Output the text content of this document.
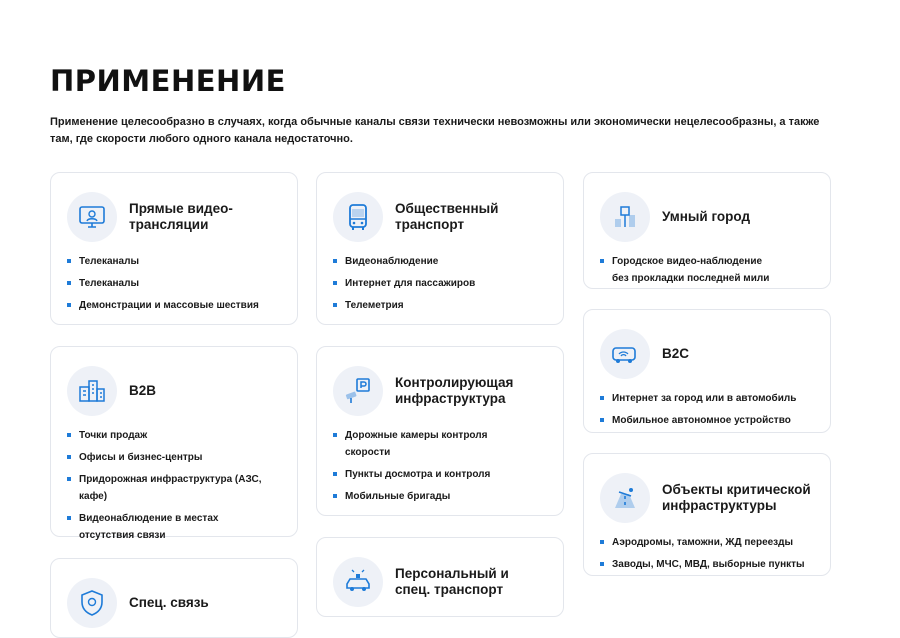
ПРИМЕНЕНИЕ

Применение целесообразно в случаях, когда обычные каналы связи технически невозможны или экономически нецелесообразны, а также там, где скорости любого одного канала недостаточно.

Прямые видео-трансляции
Телеканалы
Телеканалы
Демонстрации и массовые шествия
B2B
Точки продаж
Офисы и бизнес-центры
Придорожная инфраструктура (АЗС, кафе)
Видеонаблюдение в местах отсутствия связи
Спец. связь
Общественный транспорт
Видеонаблюдение
Интернет для пассажиров
Телеметрия
Контролирующая инфраструктура
Дорожные камеры контроля скорости
Пункты досмотра и контроля
Мобильные бригады
Персональный и спец. транспорт
Умный город
Городское видео-наблюдение без прокладки последней мили
B2C
Интернет за город или в автомобиль
Мобильное автономное устройство
Объекты критической инфраструктуры
Аэродромы, таможни, ЖД переезды
Заводы, МЧС, МВД, выборные пункты
